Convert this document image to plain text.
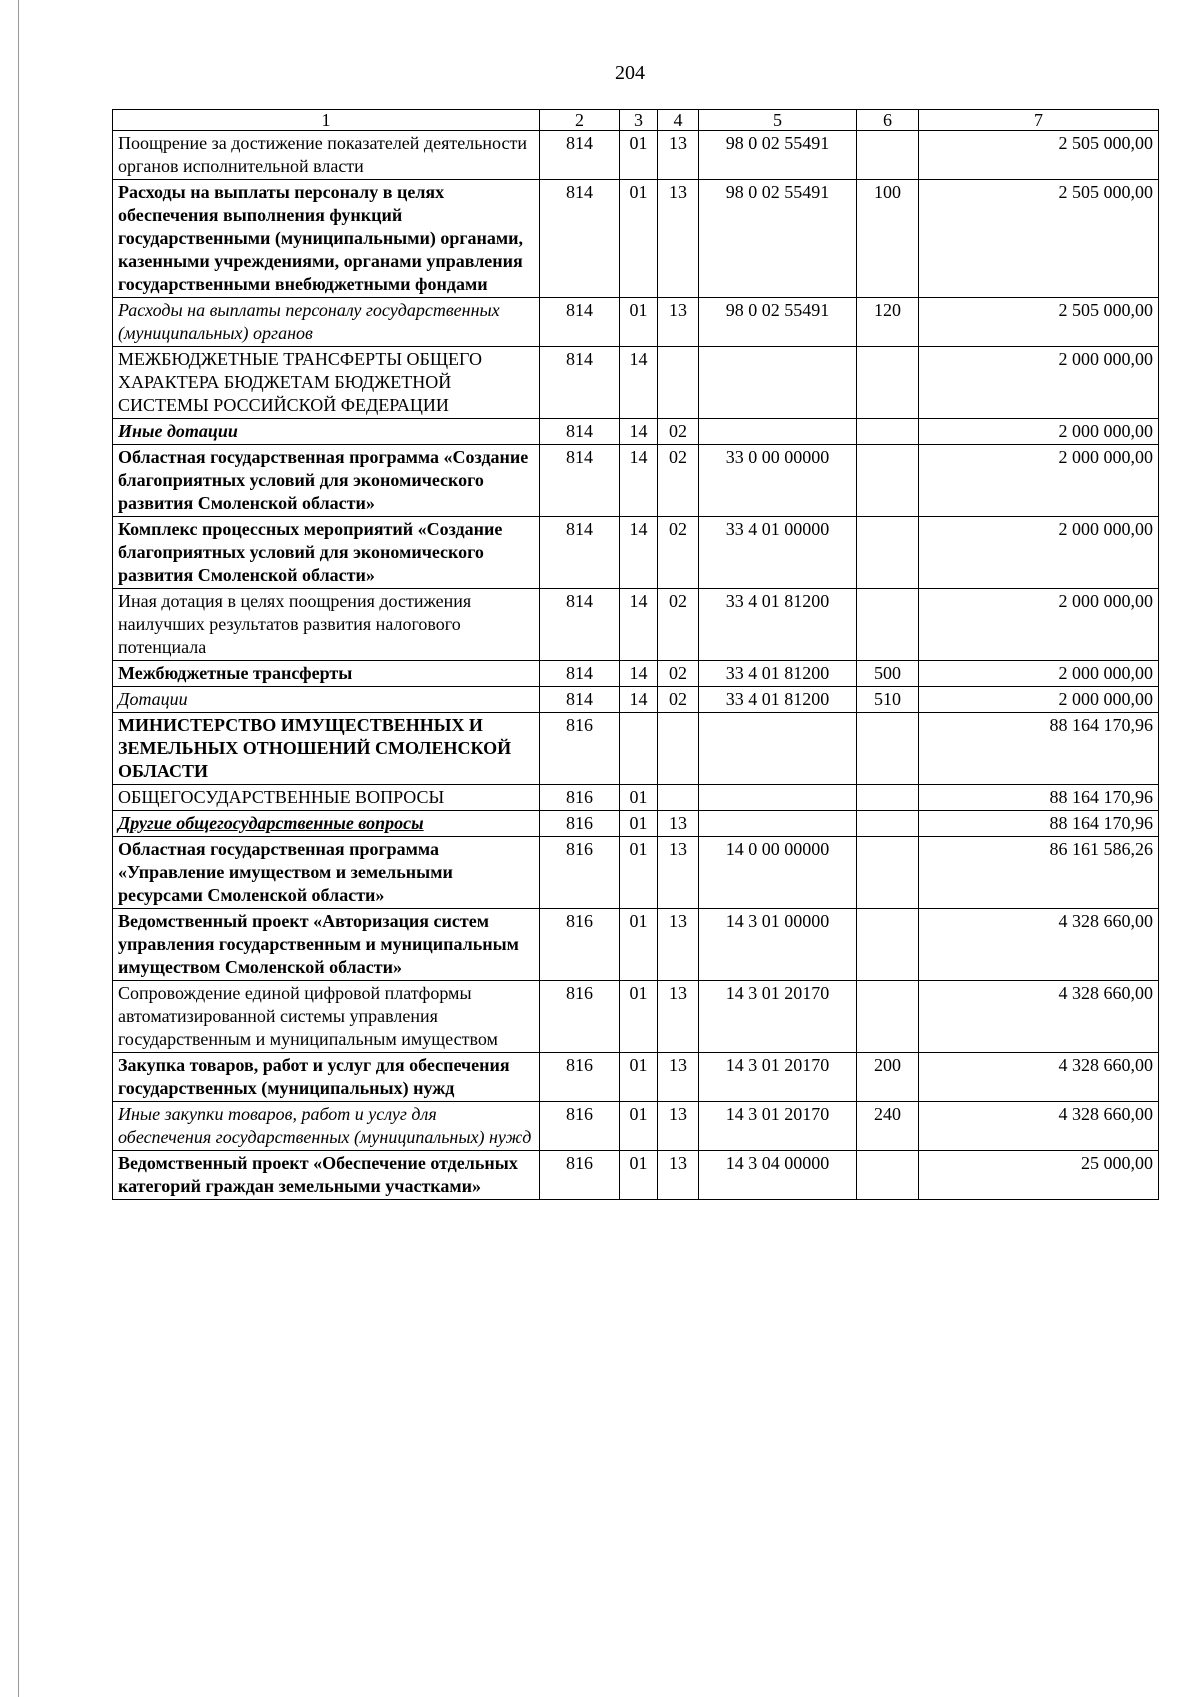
204
1	2	3	4	5	6	7
Поощрение за достижение показателей деятельности органов исполнительной власти	814	01	13	98 0 02 55491		2 505 000,00
Расходы на выплаты персоналу в целях обеспечения выполнения функций государственными (муниципальными) органами, казенными учреждениями, органами управления государственными внебюджетными фондами	814	01	13	98 0 02 55491	100	2 505 000,00
Расходы на выплаты персоналу государственных (муниципальных) органов	814	01	13	98 0 02 55491	120	2 505 000,00
МЕЖБЮДЖЕТНЫЕ ТРАНСФЕРТЫ ОБЩЕГО ХАРАКТЕРА БЮДЖЕТАМ БЮДЖЕТНОЙ СИСТЕМЫ РОССИЙСКОЙ ФЕДЕРАЦИИ	814	14				2 000 000,00
Иные дотации	814	14	02			2 000 000,00
Областная государственная программа «Создание благоприятных условий для экономического развития Смоленской области»	814	14	02	33 0 00 00000		2 000 000,00
Комплекс процессных мероприятий «Создание благоприятных условий для экономического развития Смоленской области»	814	14	02	33 4 01 00000		2 000 000,00
Иная дотация в целях поощрения достижения наилучших результатов развития налогового потенциала	814	14	02	33 4 01 81200		2 000 000,00
Межбюджетные трансферты	814	14	02	33 4 01 81200	500	2 000 000,00
Дотации	814	14	02	33 4 01 81200	510	2 000 000,00
МИНИСТЕРСТВО ИМУЩЕСТВЕННЫХ И ЗЕМЕЛЬНЫХ ОТНОШЕНИЙ СМОЛЕНСКОЙ ОБЛАСТИ	816					88 164 170,96
ОБЩЕГОСУДАРСТВЕННЫЕ ВОПРОСЫ	816	01				88 164 170,96
Другие общегосударственные вопросы	816	01	13			88 164 170,96
Областная государственная программа «Управление имуществом и земельными ресурсами Смоленской области»	816	01	13	14 0 00 00000		86 161 586,26
Ведомственный проект «Авторизация систем управления государственным и муниципальным имуществом Смоленской области»	816	01	13	14 3 01 00000		4 328 660,00
Сопровождение единой цифровой платформы автоматизированной системы управления государственным и муниципальным имуществом	816	01	13	14 3 01 20170		4 328 660,00
Закупка товаров, работ и услуг для обеспечения государственных (муниципальных) нужд	816	01	13	14 3 01 20170	200	4 328 660,00
Иные закупки товаров, работ и услуг для обеспечения государственных (муниципальных) нужд	816	01	13	14 3 01 20170	240	4 328 660,00
Ведомственный проект «Обеспечение отдельных категорий граждан земельными участками»	816	01	13	14 3 04 00000		25 000,00
